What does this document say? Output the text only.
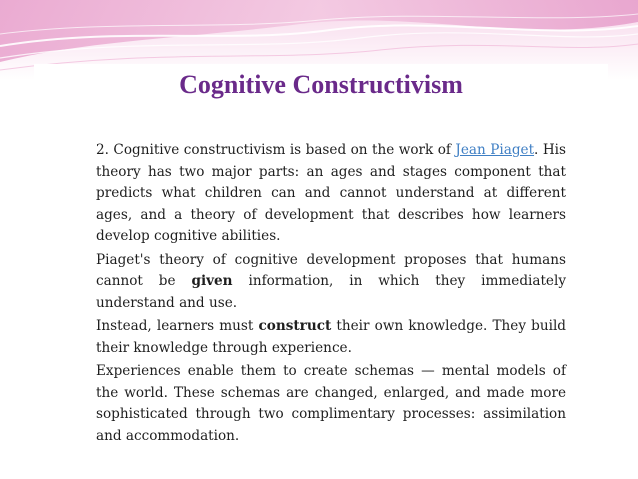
Cognitive Constructivism
2. Cognitive constructivism is based on the work of Jean Piaget. His theory has two major parts: an ages and stages component that predicts what children can and cannot understand at different ages, and a theory of development that describes how learners develop cognitive abilities.
Piaget's theory of cognitive development proposes that humans cannot be given information, in which they immediately understand and use.
Instead, learners must construct their own knowledge. They build their knowledge through experience.
Experiences enable them to create schemas — mental models of the world. These schemas are changed, enlarged, and made more sophisticated through two complimentary processes: assimilation and accommodation.
